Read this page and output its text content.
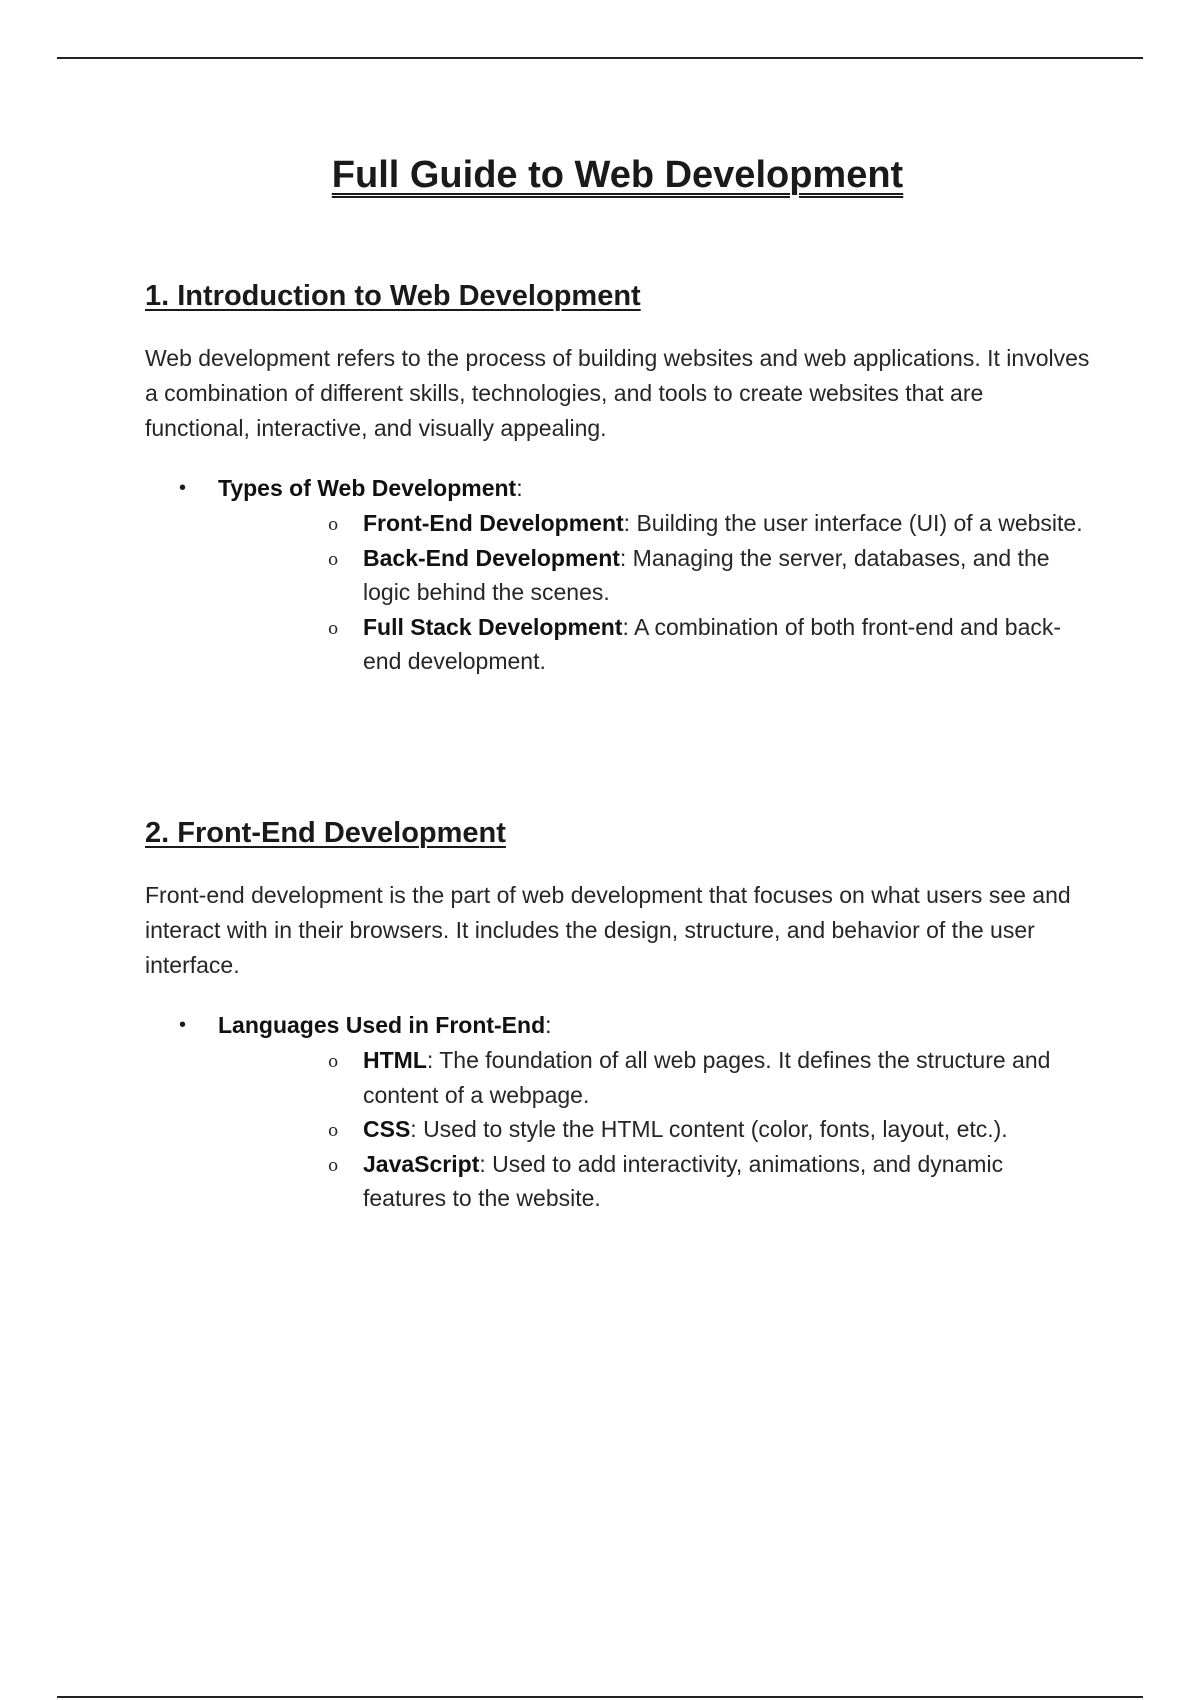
Full Guide to Web Development
1. Introduction to Web Development

Web development refers to the process of building websites and web applications. It involves a combination of different skills, technologies, and tools to create websites that are functional, interactive, and visually appealing.

• Types of Web Development:
o Front-End Development: Building the user interface (UI) of a website.
o Back-End Development: Managing the server, databases, and the logic behind the scenes.
o Full Stack Development: A combination of both front-end and back-end development.
2. Front-End Development

Front-end development is the part of web development that focuses on what users see and interact with in their browsers. It includes the design, structure, and behavior of the user interface.

• Languages Used in Front-End:
o HTML: The foundation of all web pages. It defines the structure and content of a webpage.
o CSS: Used to style the HTML content (color, fonts, layout, etc.).
o JavaScript: Used to add interactivity, animations, and dynamic features to the website.
